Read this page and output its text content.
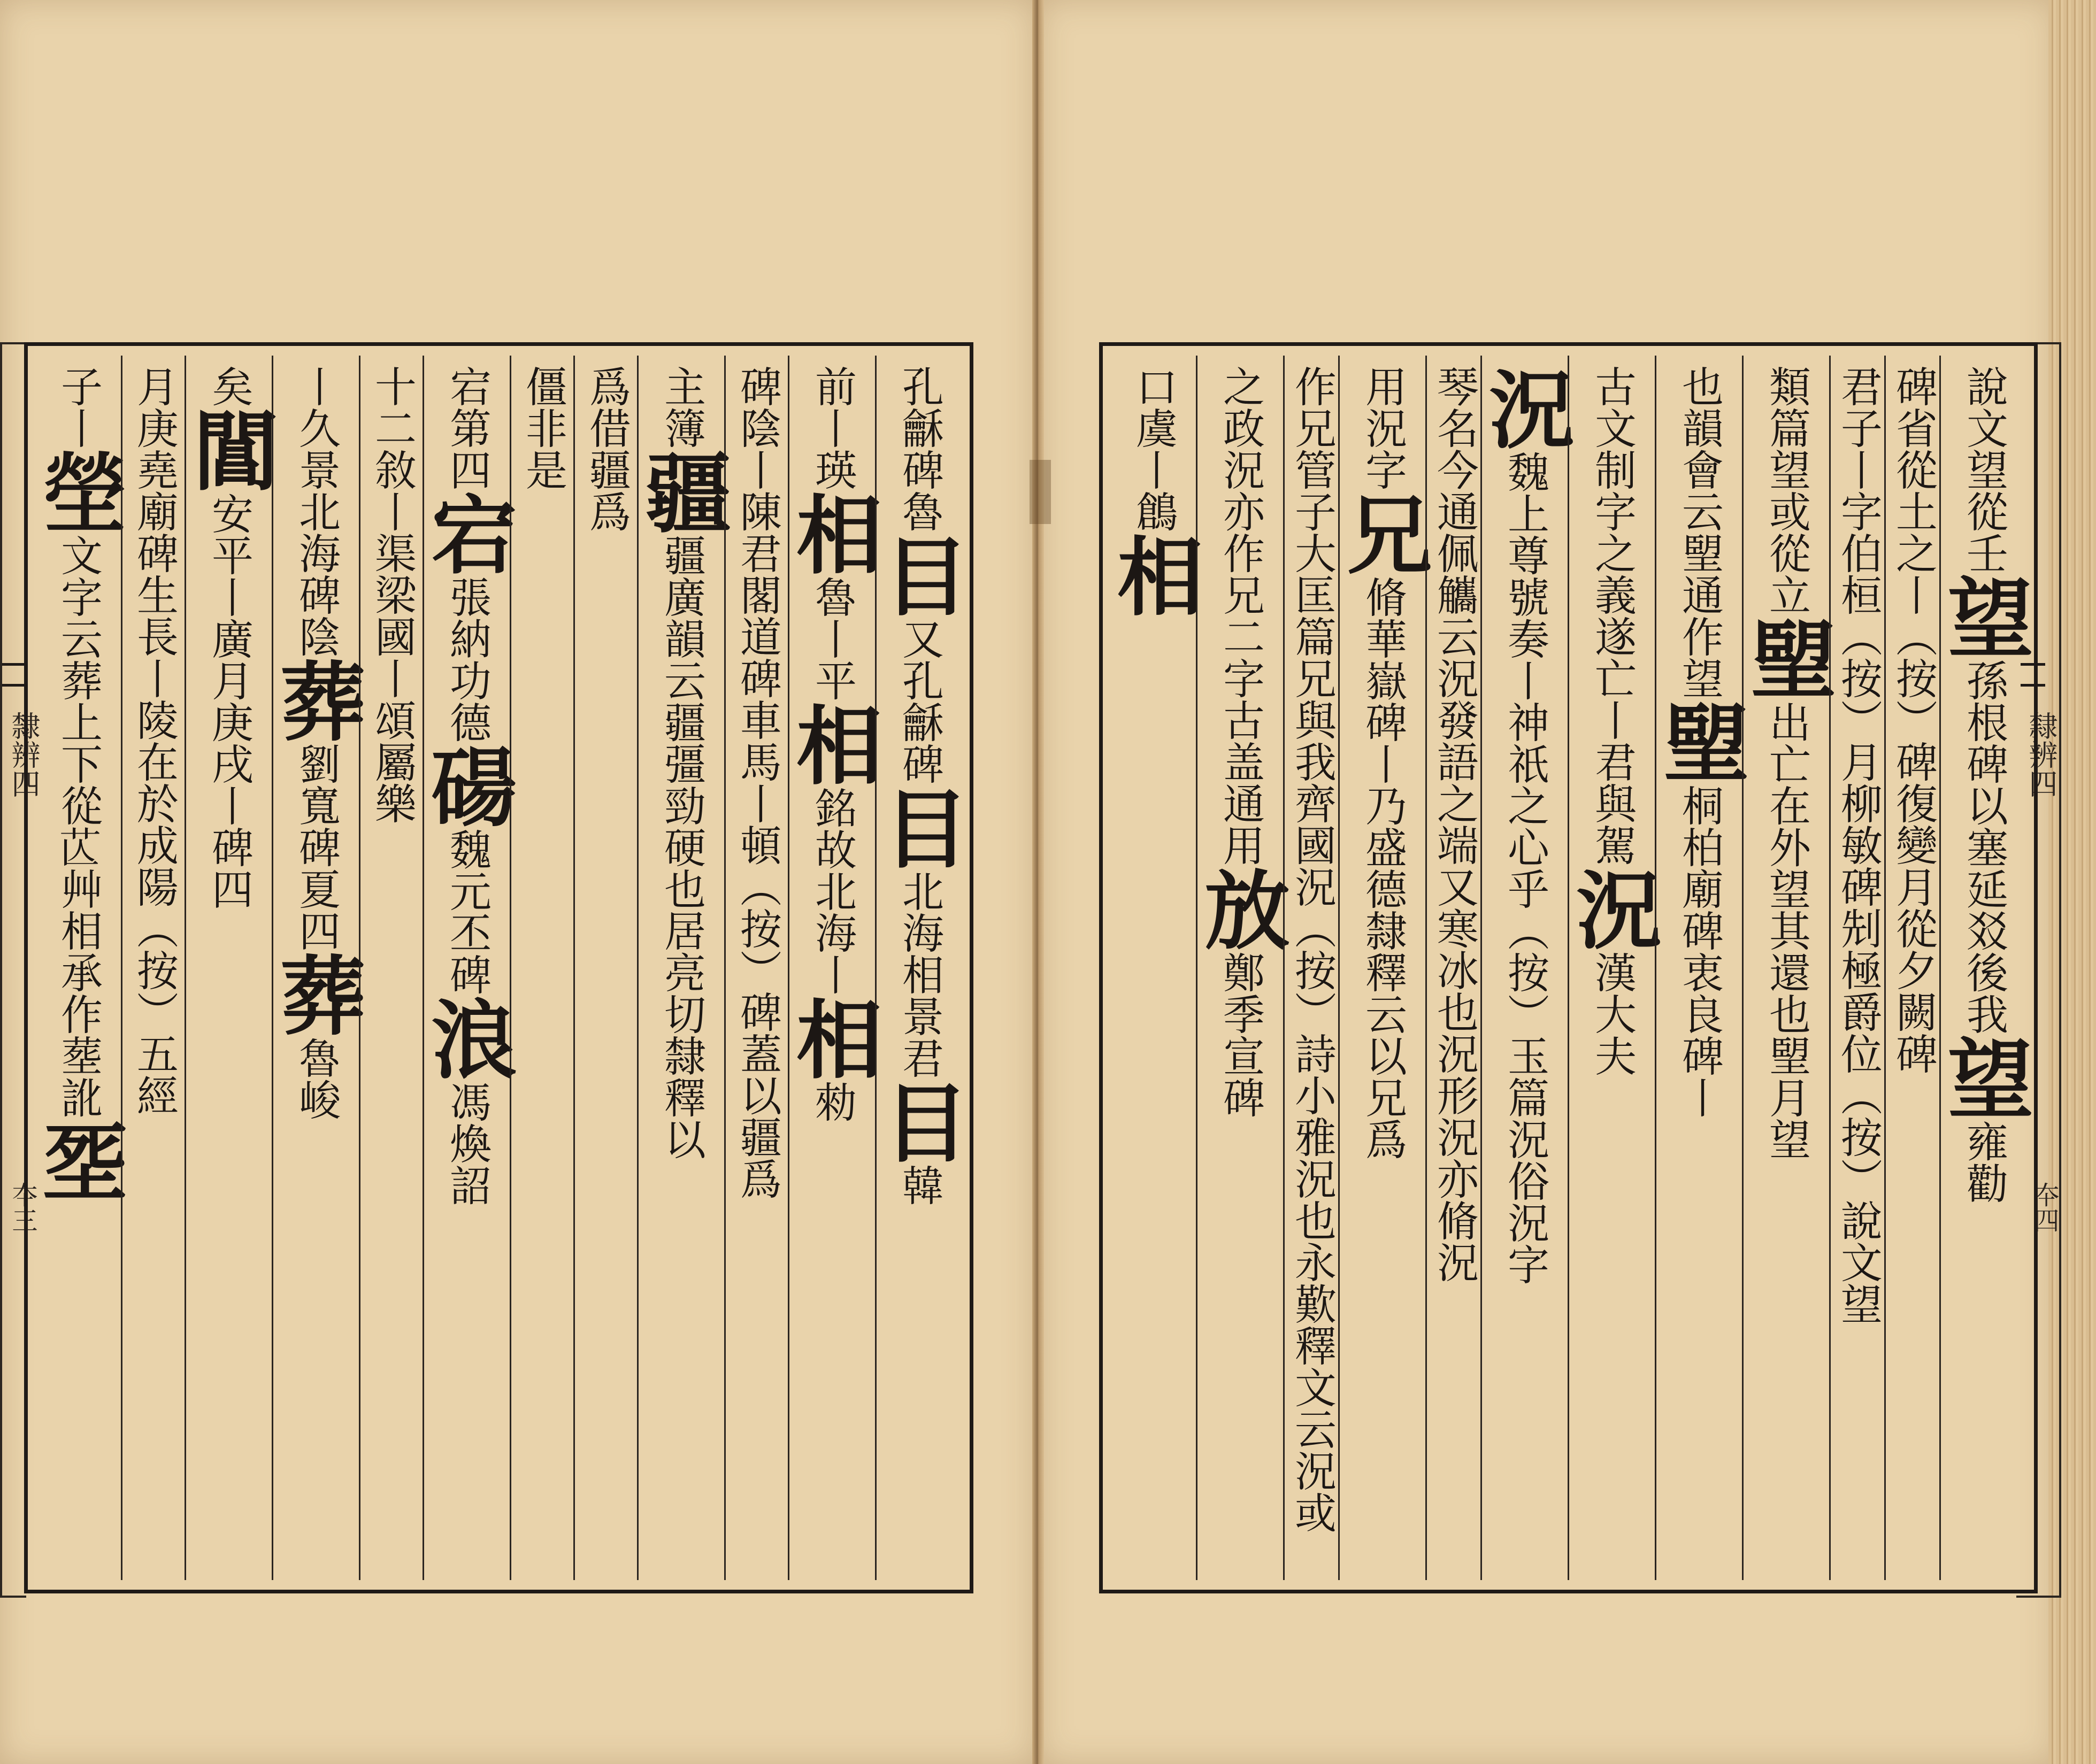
隸辨四	隸辨四
夲三	夲四
孔龢碑魯目又孔龢碑目北海相景君目韓
前丨瑛相魯丨平相銘故北海丨相勑
碑陰丨陳君閣道碑車馬丨頓（按）碑蓋以疆爲
主簿疆疆廣韻云疆彊勁硬也居亮切隸釋以
爲借疆爲
僵非是
宕第四宕張納功德碭魏元丕碑浪馮煥詔
十二敘丨渠梁國丨頌屬樂
丨久景北海碑陰葬劉寬碑夏四葬魯峻
矣閶安平丨廣月庚戌丨碑四
月庚堯廟碑生長丨陵在於成陽（按）五經
子丨塋文字云葬上下從𦬆艸相承作塟訛㘸
說文望從壬望孫根碑以塞延㸚後我望雍勸
碑省從土之丨（按）碑復變月從夕闕碑
君子丨字伯桓（按）月柳敏碑𠜎極爵位（按）說文望
類篇望或從立朢出亡在外望其還也朢月望
也韻會云朢通作望朢桐柏廟碑衷良碑丨
古文制字之義遂亡丨君與駕況漢大夫
況魏上尊號奏丨神祇之心乎（按）玉篇況俗況字
琴名今通佩觿云況發語之端又寒冰也況形況亦脩況
用況字兄脩華嶽碑丨乃盛德隸釋云以兄爲
作兄管子大匡篇兄與我齊國況（按）詩小雅況也永歎釋文云況或
之政況亦作兄二字古盖通用放鄭季宣碑
口虞丨鶬相
